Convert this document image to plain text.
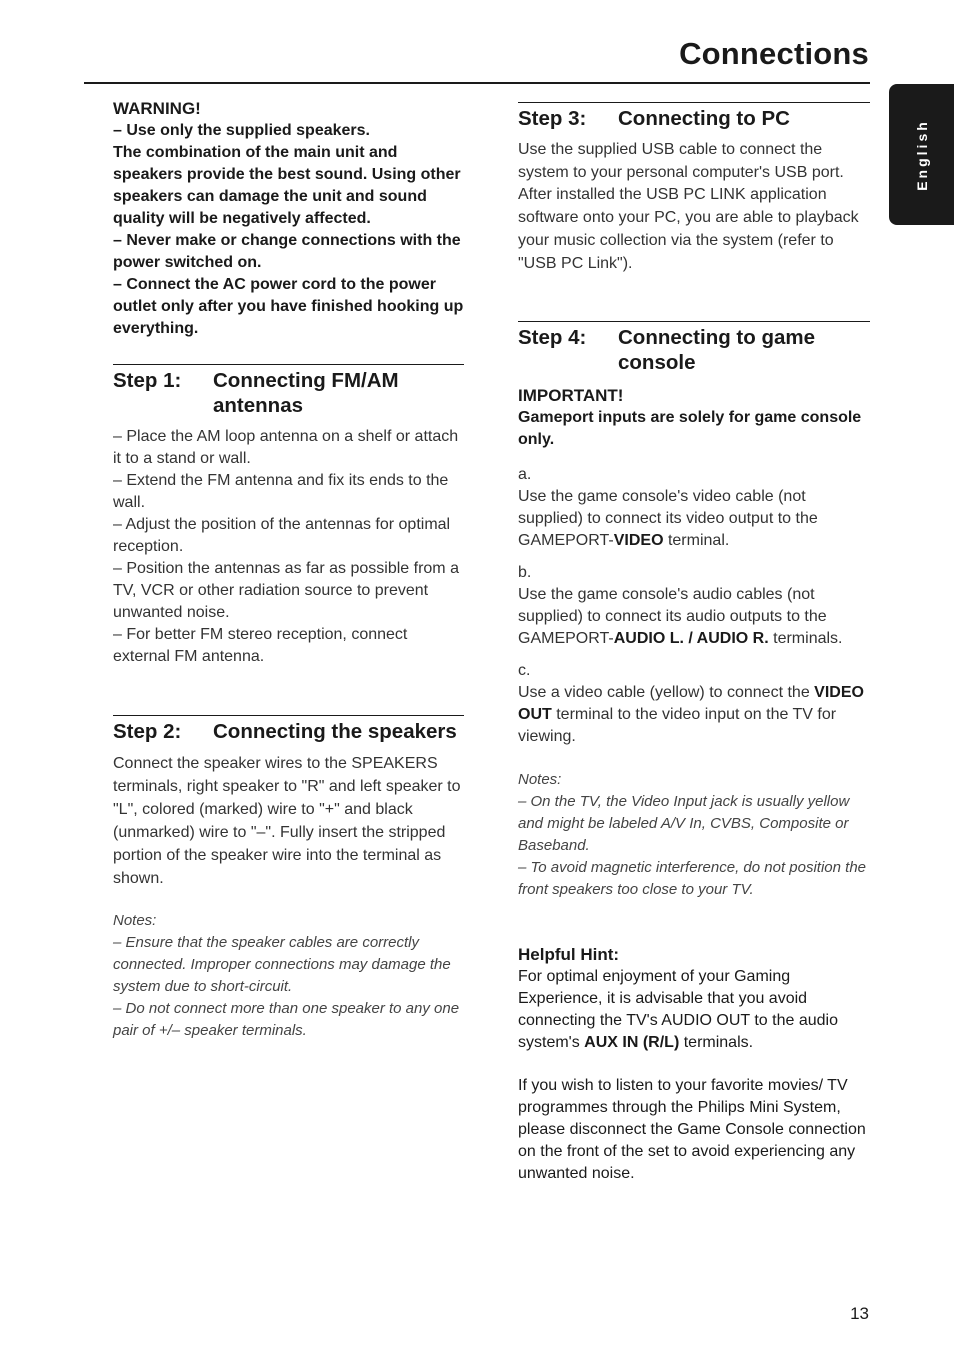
Connections
English

WARNING!

– Use only the supplied speakers.

The combination of the main unit and speakers provide the best sound. Using other speakers can damage the unit and sound quality will be negatively affected.

– Never make or change connections with the power switched on.

– Connect the AC power cord to the power outlet only after you have finished hooking up everything.

Step 1:	Connecting FM/AM antennas

– Place the AM loop antenna on a shelf or attach it to a stand or wall.

– Extend the FM antenna and fix its ends to the wall.

– Adjust the position of the antennas for optimal reception.

– Position the antennas as far as possible from a TV, VCR or other radiation source to prevent unwanted noise.

– For better FM stereo reception, connect external FM antenna.

Step 2:	Connecting the speakers

Connect the speaker wires to the SPEAKERS terminals, right speaker to "R" and left speaker to "L", colored (marked) wire to "+" and black (unmarked) wire to "–". Fully insert the stripped portion of the speaker wire into the terminal as shown.

Notes:

– Ensure that the speaker cables are correctly connected. Improper connections may damage the system due to short-circuit.

– Do not connect more than one speaker to any one pair of +/– speaker terminals.

Step 3:	Connecting to PC

Use the supplied USB cable to connect the system to your personal computer's USB port. After installed the USB PC LINK application software onto your PC, you are able to playback your music collection via the system (refer to "USB PC Link").

Step 4:	Connecting to game console

IMPORTANT!

Gameport inputs are solely for game console only.

a.

Use the game console's video cable (not supplied) to connect its video output to the GAMEPORT-VIDEO terminal.

b.

Use the game console's audio cables (not supplied) to connect its audio outputs to the GAMEPORT-AUDIO L. / AUDIO R. terminals.

c.

Use a video cable (yellow) to connect the VIDEO OUT terminal to the video input on the TV for viewing.

Notes:

– On the TV, the Video Input jack is usually yellow and might be labeled A/V In, CVBS, Composite or Baseband.

– To avoid magnetic interference, do not position the front speakers too close to your TV.

Helpful Hint:

For optimal enjoyment of your Gaming Experience, it is advisable that you avoid connecting the TV's AUDIO OUT to the audio system's AUX IN (R/L) terminals.

If you wish to listen to your favorite movies/ TV programmes through the Philips Mini System, please disconnect the Game Console connection on the front of the set to avoid experiencing any unwanted noise.

13
